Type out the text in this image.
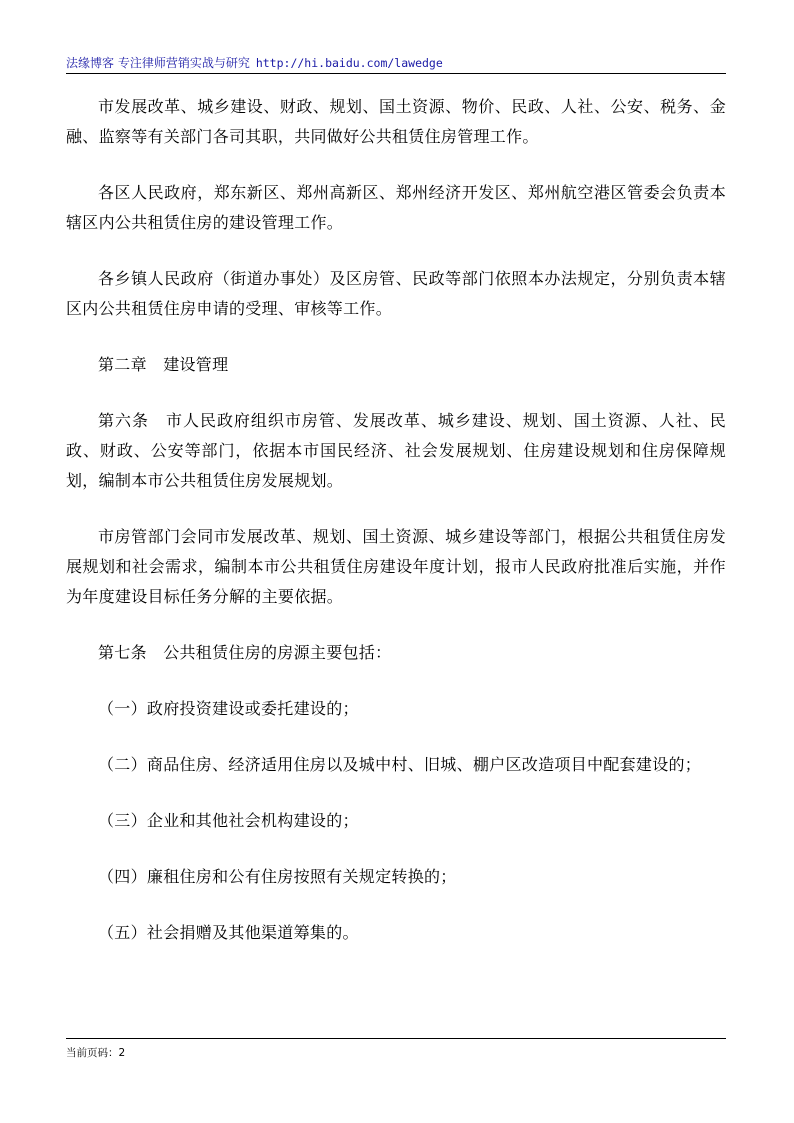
法缘博客 专注律师营销实战与研究 http://hi.baidu.com/lawedge

市发展改革、城乡建设、财政、规划、国土资源、物价、民政、人社、公安、税务、金融、监察等有关部门各司其职，共同做好公共租赁住房管理工作。

各区人民政府，郑东新区、郑州高新区、郑州经济开发区、郑州航空港区管委会负责本辖区内公共租赁住房的建设管理工作。

各乡镇人民政府（街道办事处）及区房管、民政等部门依照本办法规定，分别负责本辖区内公共租赁住房申请的受理、审核等工作。

第二章　建设管理

第六条　市人民政府组织市房管、发展改革、城乡建设、规划、国土资源、人社、民政、财政、公安等部门，依据本市国民经济、社会发展规划、住房建设规划和住房保障规划，编制本市公共租赁住房发展规划。

市房管部门会同市发展改革、规划、国土资源、城乡建设等部门，根据公共租赁住房发展规划和社会需求，编制本市公共租赁住房建设年度计划，报市人民政府批准后实施，并作为年度建设目标任务分解的主要依据。

第七条　公共租赁住房的房源主要包括：

（一）政府投资建设或委托建设的；

（二）商品住房、经济适用住房以及城中村、旧城、棚户区改造项目中配套建设的；

（三）企业和其他社会机构建设的；

（四）廉租住房和公有住房按照有关规定转换的；

（五）社会捐赠及其他渠道筹集的。

当前页码：2
